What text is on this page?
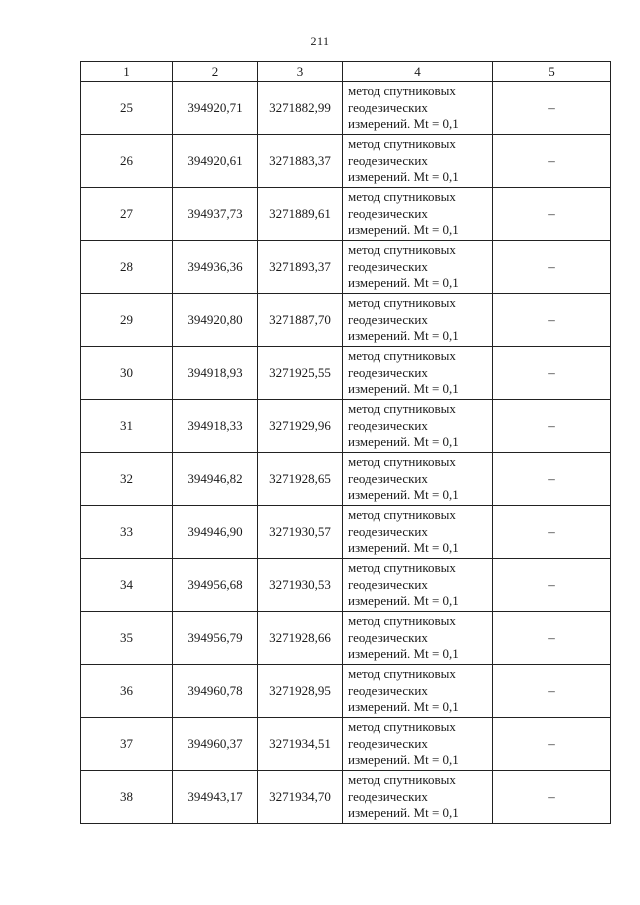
211
1	2	3	4	5
25	394920,71	3271882,99	метод спутниковых
геодезических
измерений. Mt = 0,1	–
26	394920,61	3271883,37	метод спутниковых
геодезических
измерений. Mt = 0,1	–
27	394937,73	3271889,61	метод спутниковых
геодезических
измерений. Mt = 0,1	–
28	394936,36	3271893,37	метод спутниковых
геодезических
измерений. Mt = 0,1	–
29	394920,80	3271887,70	метод спутниковых
геодезических
измерений. Mt = 0,1	–
30	394918,93	3271925,55	метод спутниковых
геодезических
измерений. Mt = 0,1	–
31	394918,33	3271929,96	метод спутниковых
геодезических
измерений. Mt = 0,1	–
32	394946,82	3271928,65	метод спутниковых
геодезических
измерений. Mt = 0,1	–
33	394946,90	3271930,57	метод спутниковых
геодезических
измерений. Mt = 0,1	–
34	394956,68	3271930,53	метод спутниковых
геодезических
измерений. Mt = 0,1	–
35	394956,79	3271928,66	метод спутниковых
геодезических
измерений. Mt = 0,1	–
36	394960,78	3271928,95	метод спутниковых
геодезических
измерений. Mt = 0,1	–
37	394960,37	3271934,51	метод спутниковых
геодезических
измерений. Mt = 0,1	–
38	394943,17	3271934,70	метод спутниковых
геодезических
измерений. Mt = 0,1	–
